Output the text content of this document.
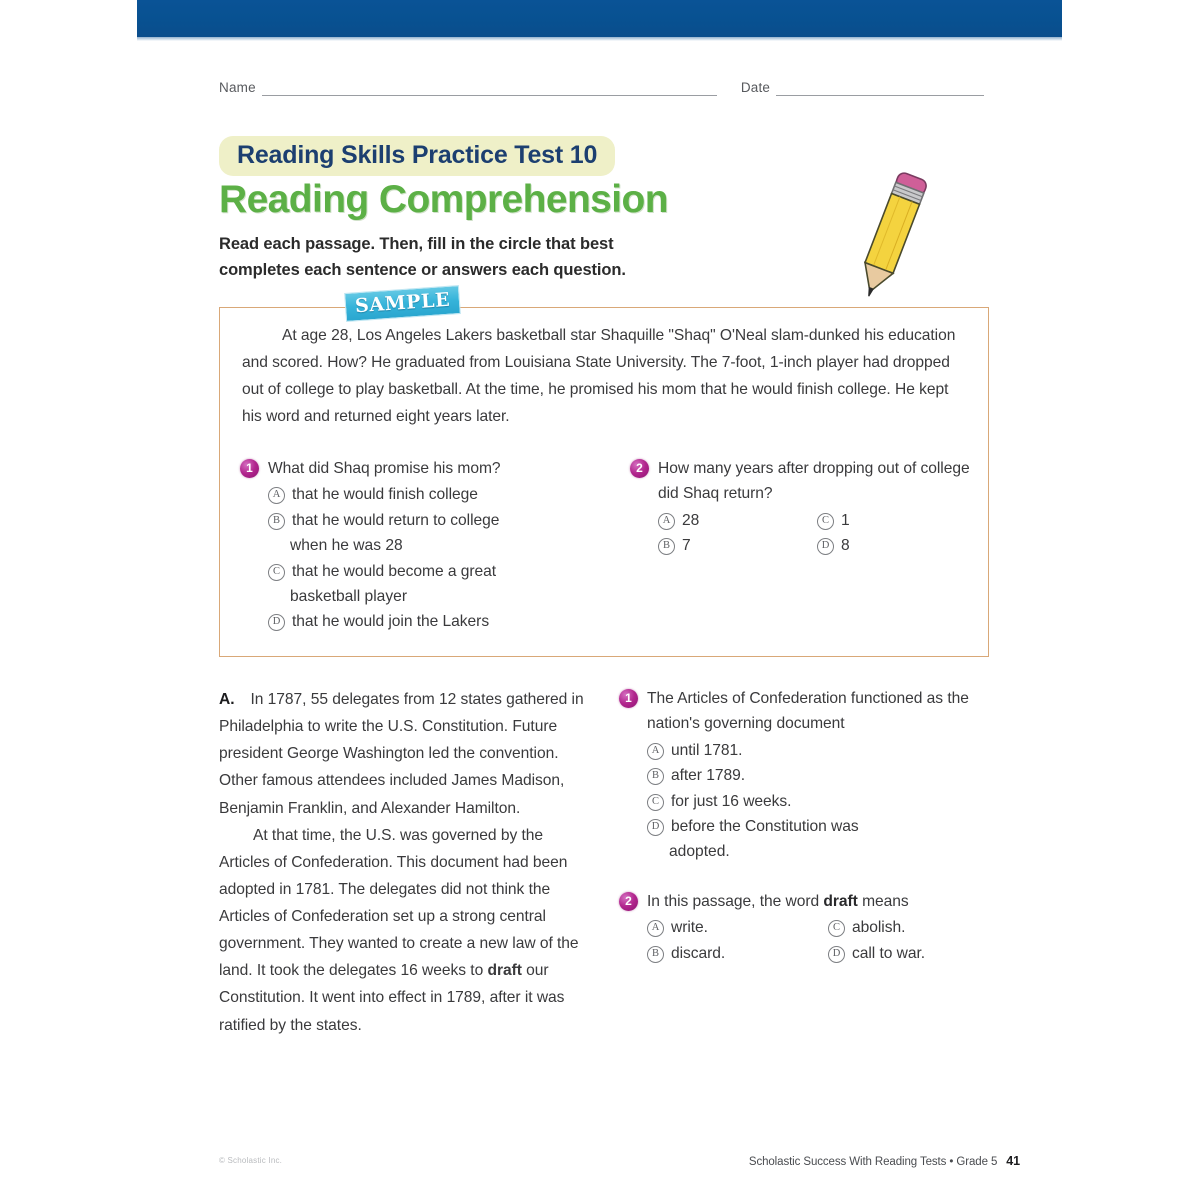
Name	Date
Reading Skills Practice Test 10
Reading Comprehension
Read each passage. Then, fill in the circle that best completes each sentence or answers each question.
SAMPLE
At age 28, Los Angeles Lakers basketball star Shaquille "Shaq" O'Neal slam-dunked his education and scored. How? He graduated from Louisiana State University. The 7-foot, 1-inch player had dropped out of college to play basketball. At the time, he promised his mom that he would finish college. He kept his word and returned eight years later.
1 What did Shaq promise his mom?
A that he would finish college
B that he would return to college
when he was 28
C that he would become a great
basketball player
D that he would join the Lakers
2 How many years after dropping out of college did Shaq return?
A 28	C 1
B 7	D 8

A. In 1787, 55 delegates from 12 states gathered in Philadelphia to write the U.S. Constitution. Future president George Washington led the convention. Other famous attendees included James Madison, Benjamin Franklin, and Alexander Hamilton.

At that time, the U.S. was governed by the Articles of Confederation. This document had been adopted in 1781. The delegates did not think the Articles of Confederation set up a strong central government. They wanted to create a new law of the land. It took the delegates 16 weeks to draft our Constitution. It went into effect in 1789, after it was ratified by the states.

1 The Articles of Confederation functioned as the nation's governing document
A until 1781.
B after 1789.
C for just 16 weeks.
D before the Constitution was
adopted.
2 In this passage, the word draft means
A write.	C abolish.
B discard.	D call to war.
© Scholastic Inc.	Scholastic Success With Reading Tests • Grade 5 41
